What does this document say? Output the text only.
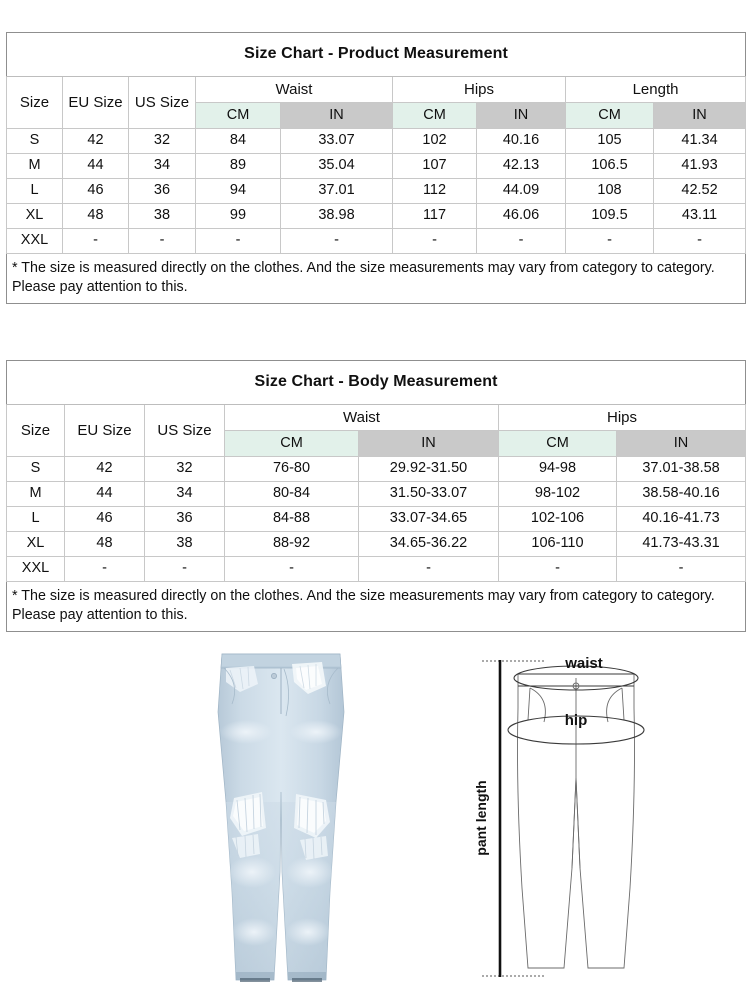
Size Chart - Product Measurement								
Size	EU Size	US Size	Waist		Hips		Length	
			CM	IN	CM	IN	CM	IN
S	42	32	84	33.07	102	40.16	105	41.34
M	44	34	89	35.04	107	42.13	106.5	41.93
L	46	36	94	37.01	112	44.09	108	42.52
XL	48	38	99	38.98	117	46.06	109.5	43.11
XXL	-	-	-	-	-	-	-	-
* The size is measured directly on the clothes. And the size measurements may vary from category to category. Please pay attention to this.								
Size Chart - Body Measurement						
Size	EU Size	US Size	Waist		Hips	
			CM	IN	CM	IN
S	42	32	76-80	29.92-31.50	94-98	37.01-38.58
M	44	34	80-84	31.50-33.07	98-102	38.58-40.16
L	46	36	84-88	33.07-34.65	102-106	40.16-41.73
XL	48	38	88-92	34.65-36.22	106-110	41.73-43.31
XXL	-	-	-	-	-	-
* The size is measured directly on the clothes. And the size measurements may vary from category to category. Please pay attention to this.						
pant length
waist
hip
